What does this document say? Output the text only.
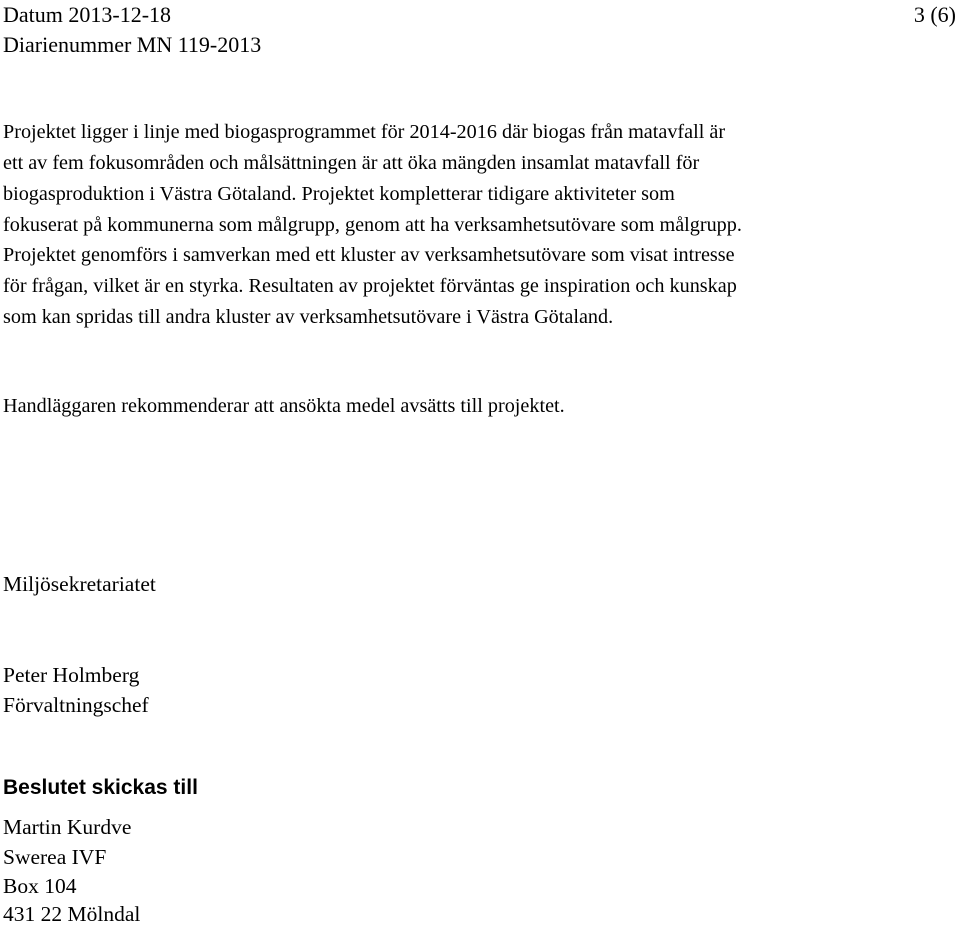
Datum 2013-12-18
Diarienummer MN 119-2013
3 (6)
Projektet ligger i linje med biogasprogrammet för 2014-2016 där biogas från matavfall är
ett av fem fokusområden och målsättningen är att öka mängden insamlat matavfall för
biogasproduktion i Västra Götaland. Projektet kompletterar tidigare aktiviteter som
fokuserat på kommunerna som målgrupp, genom att ha verksamhetsutövare som målgrupp.
Projektet genomförs i samverkan med ett kluster av verksamhetsutövare som visat intresse
för frågan, vilket är en styrka. Resultaten av projektet förväntas ge inspiration och kunskap
som kan spridas till andra kluster av verksamhetsutövare i Västra Götaland.
Handläggaren rekommenderar att ansökta medel avsätts till projektet.
Miljösekretariatet
Peter Holmberg
Förvaltningschef
Beslutet skickas till
Martin Kurdve
Swerea IVF
Box 104
431 22 Mölndal
